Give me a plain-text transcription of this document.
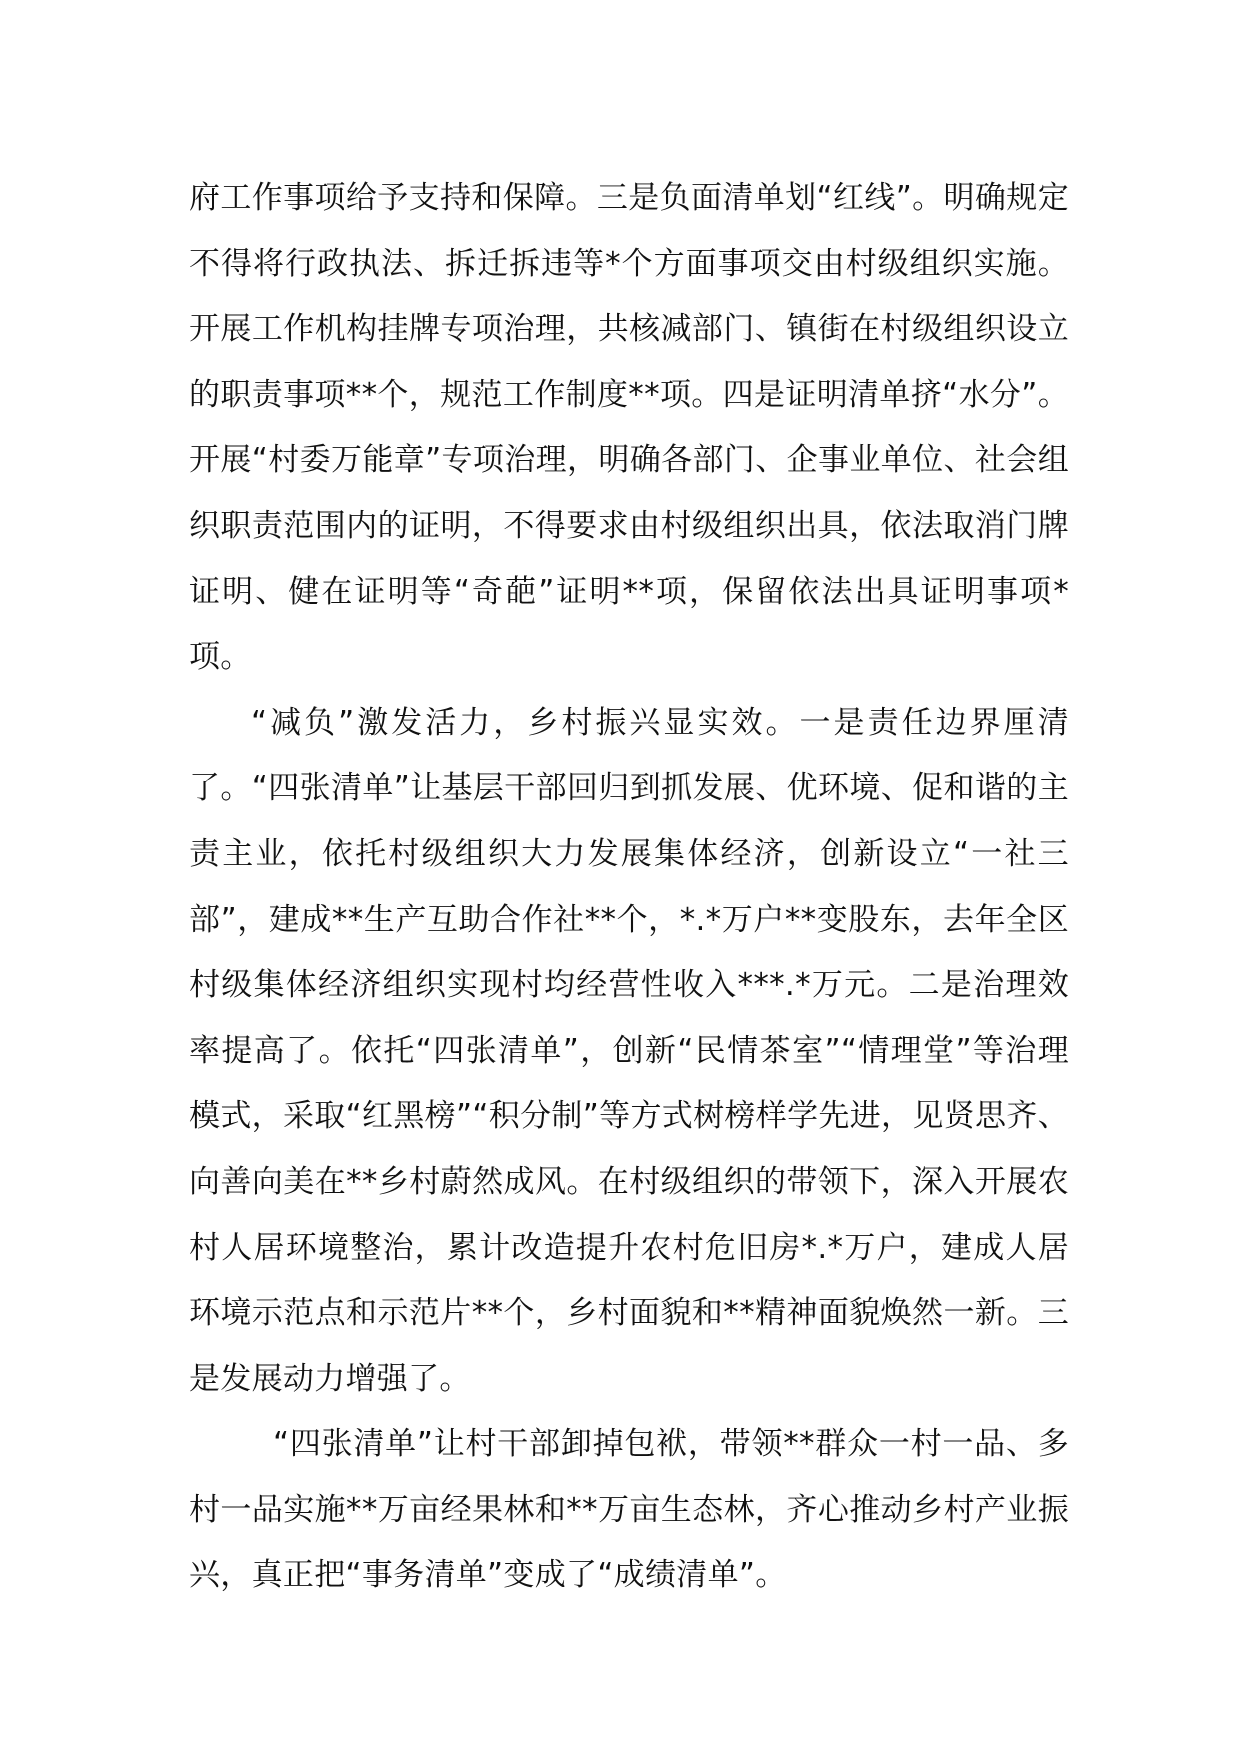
府工作事项给予支持和保障。三是负面清单划“红线”。明确规定不得将行政执法、拆迁拆违等*个方面事项交由村级组织实施。开展工作机构挂牌专项治理，共核减部门、镇街在村级组织设立的职责事项**个，规范工作制度**项。四是证明清单挤“水分”。开展“村委万能章”专项治理，明确各部门、企事业单位、社会组织职责范围内的证明，不得要求由村级组织出具，依法取消门牌证明、健在证明等“奇葩”证明**项，保留依法出具证明事项*项。

“减负”激发活力，乡村振兴显实效。一是责任边界厘清了。“四张清单”让基层干部回归到抓发展、优环境、促和谐的主责主业，依托村级组织大力发展集体经济，创新设立“一社三部”，建成**生产互助合作社**个，*.*万户**变股东，去年全区村级集体经济组织实现村均经营性收入***.*万元。二是治理效率提高了。依托“四张清单”，创新“民情茶室”“情理堂”等治理模式，采取“红黑榜”“积分制”等方式树榜样学先进，见贤思齐、向善向美在**乡村蔚然成风。在村级组织的带领下，深入开展农村人居环境整治，累计改造提升农村危旧房*.*万户，建成人居环境示范点和示范片**个，乡村面貌和**精神面貌焕然一新。三是发展动力增强了。

“四张清单”让村干部卸掉包袱，带领**群众一村一品、多村一品实施**万亩经果林和**万亩生态林，齐心推动乡村产业振兴，真正把“事务清单”变成了“成绩清单”。
